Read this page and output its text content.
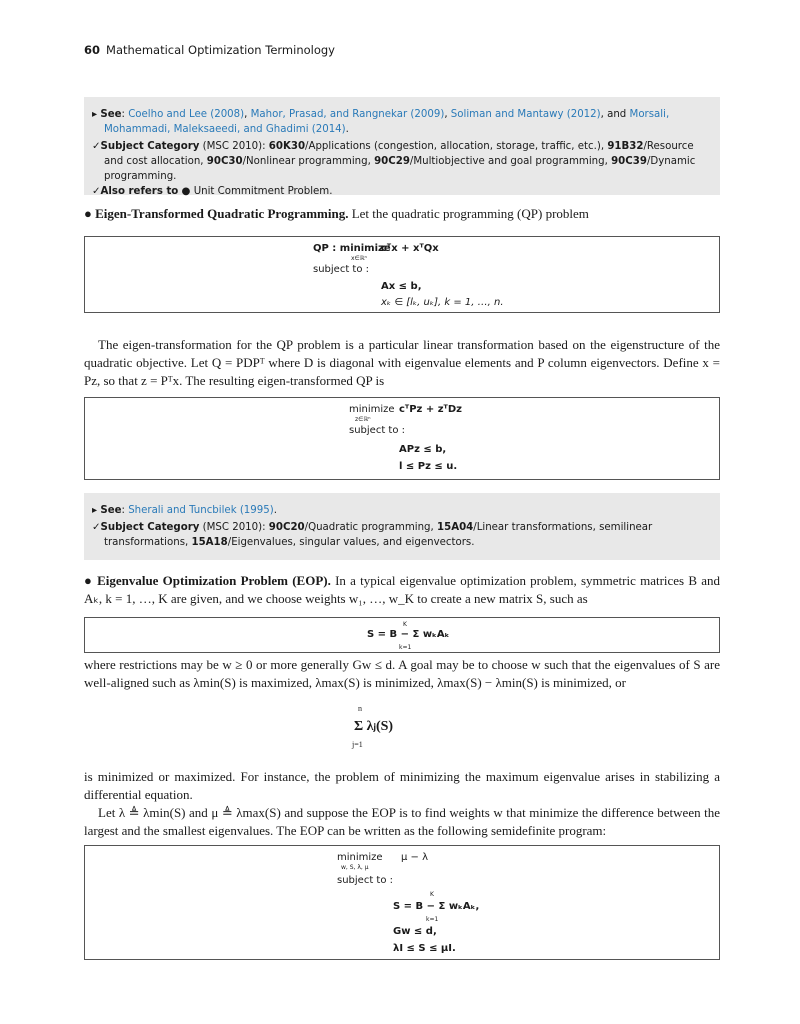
60 Mathematical Optimization Terminology
▸ See: Coelho and Lee (2008), Mahor, Prasad, and Rangnekar (2009), Soliman and Mantawy (2012), and Morsali, Mohammadi, Maleksaeedi, and Ghadimi (2014).
✓Subject Category (MSC 2010): 60K30/Applications (congestion, allocation, storage, traffic, etc.), 91B32/Resource and cost allocation, 90C30/Nonlinear programming, 90C29/Multiobjective and goal programming, 90C39/Dynamic programming.
✓Also refers to ● Unit Commitment Problem.
● Eigen-Transformed Quadratic Programming. Let the quadratic programming (QP) problem
QP : minimize
x∈ℝⁿ
cᵀx + xᵀQx
subject to :
Ax ≤ b,
xₖ ∈ [lₖ, uₖ], k = 1, …, n.
The eigen-transformation for the QP problem is a particular linear transformation based on the eigenstructure of the quadratic objective. Let Q = PDPᵀ where D is diagonal with eigenvalue elements and P column eigenvectors. Define x = Pz, so that z = Pᵀx. The resulting eigen-transformed QP is
minimize
z∈ℝⁿ
cᵀPz + zᵀDz
subject to :
APz ≤ b,
l ≤ Pz ≤ u.
▸ See: Sherali and Tuncbilek (1995).
✓Subject Category (MSC 2010): 90C20/Quadratic programming, 15A04/Linear transformations, semilinear transformations, 15A18/Eigenvalues, singular values, and eigenvectors.
● Eigenvalue Optimization Problem (EOP). In a typical eigenvalue optimization problem, symmetric matrices B and Aₖ, k = 1, …, K are given, and we choose weights w₁, …, w_K to create a new matrix S, such as
K
S = B − Σ wₖAₖ
k=1
where restrictions may be w ≥ 0 or more generally Gw ≤ d. A goal may be to choose w such that the eigenvalues of S are well-aligned such as λmin(S) is maximized, λmax(S) is minimized, λmax(S) − λmin(S) is minimized, or
n
Σ λⱼ(S)
j=1
is minimized or maximized. For instance, the problem of minimizing the maximum eigenvalue arises in stabilizing a differential equation.
Let λ ≜ λmin(S) and μ ≜ λmax(S) and suppose the EOP is to find weights w that minimize the difference between the largest and the smallest eigenvalues. The EOP can be written as the following semidefinite program:
minimize
w, S, λ, μ
μ − λ
subject to :
K
S = B − Σ wₖAₖ,
k=1
Gw ≤ d,
λI ≤ S ≤ μI.
